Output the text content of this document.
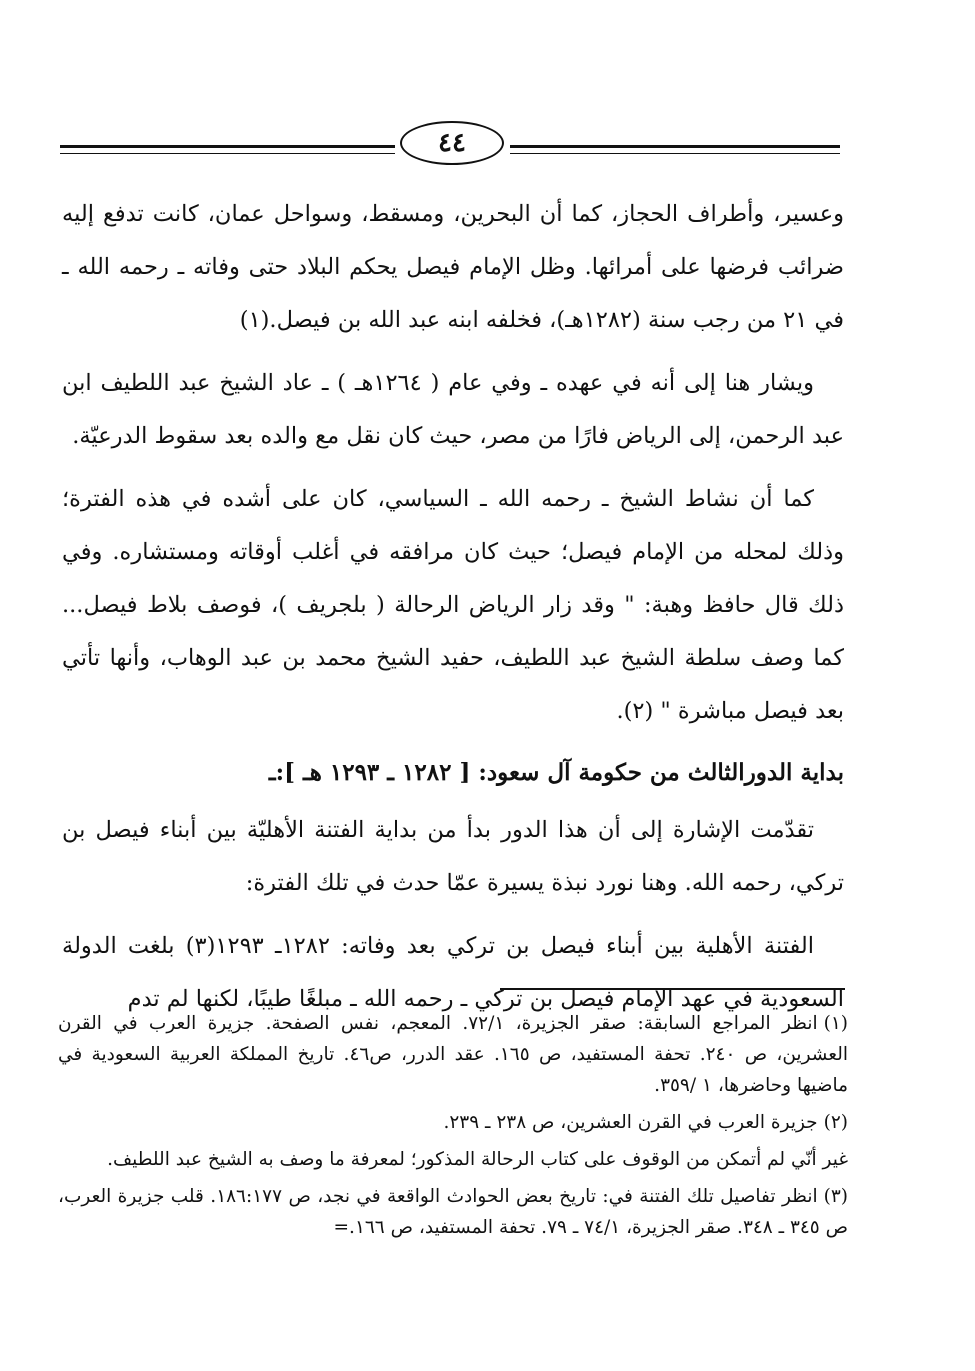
٤٤

وعسير، وأطراف الحجاز، كما أن البحرين، ومسقط، وسواحل عمان، كانت تدفع إليه ضرائب فرضها على أمرائها. وظل الإمام فيصل يحكم البلاد حتى وفاته ـ رحمه الله ـ في ٢١ من رجب سنة (١٢٨٢هـ)، فخلفه ابنه عبد الله بن فيصل.(١)

ويشار هنا إلى أنه في عهده ـ وفي عام ( ١٢٦٤هـ ) ـ عاد الشيخ عبد اللطيف ابن عبد الرحمن، إلى الرياض فارًا من مصر، حيث كان نقل مع والده بعد سقوط الدرعيّة.

كما أن نشاط الشيخ ـ رحمه الله ـ السياسي، كان على أشده في هذه الفترة؛ وذلك لمحله من الإمام فيصل؛ حيث كان مرافقه في أغلب أوقاته ومستشاره. وفي ذلك قال حافظ وهبة: " وقد زار الرياض الرحالة ( بلجريف )، فوصف بلاط فيصل... كما وصف سلطة الشيخ عبد اللطيف، حفيد الشيخ محمد بن عبد الوهاب، وأنها تأتي بعد فيصل مباشرة " (٢).

بداية الدورالثالث من حكومة آل سعود: [ ١٢٨٢ ـ ١٢٩٣ هـ ]:ـ

تقدّمت الإشارة إلى أن هذا الدور بدأ من بداية الفتنة الأهليّة بين أبناء فيصل بن تركي، رحمه الله. وهنا نورد نبذة يسيرة عمّا حدث في تلك الفترة:

الفتنة الأهلية بين أبناء فيصل بن تركي بعد وفاته: ١٢٨٢ـ ١٢٩٣(٣) بلغت الدولة السعودية في عهد الإمام فيصل بن تركي ـ رحمه الله ـ مبلغًا طيبًا، لكنها لم تدم

(١)انظر المراجع السابقة: صقر الجزيرة، ٧٢/١. المعجم، نفس الصفحة. جزيرة العرب في القرن العشرين، ص ٢٤٠. تحفة المستفيد، ص ١٦٥. عقد الدرر، ص٤٦. تاريخ المملكة العربية السعودية في ماضيها وحاضرها، ١ /٣٥٩.

(٢)جزيرة العرب في القرن العشرين، ص ٢٣٨ ـ ٢٣٩.

غير أنّي لم أتمكن من الوقوف على كتاب الرحالة المذكور؛ لمعرفة ما وصف به الشيخ عبد اللطيف.

(٣)انظر تفاصيل تلك الفتنة في: تاريخ بعض الحوادث الواقعة في نجد، ص ١٨٦:١٧٧. قلب جزيرة العرب، ص ٣٤٥ ـ ٣٤٨. صقر الجزيرة، ٧٤/١ ـ ٧٩. تحفة المستفيد، ص ١٦٦.=
